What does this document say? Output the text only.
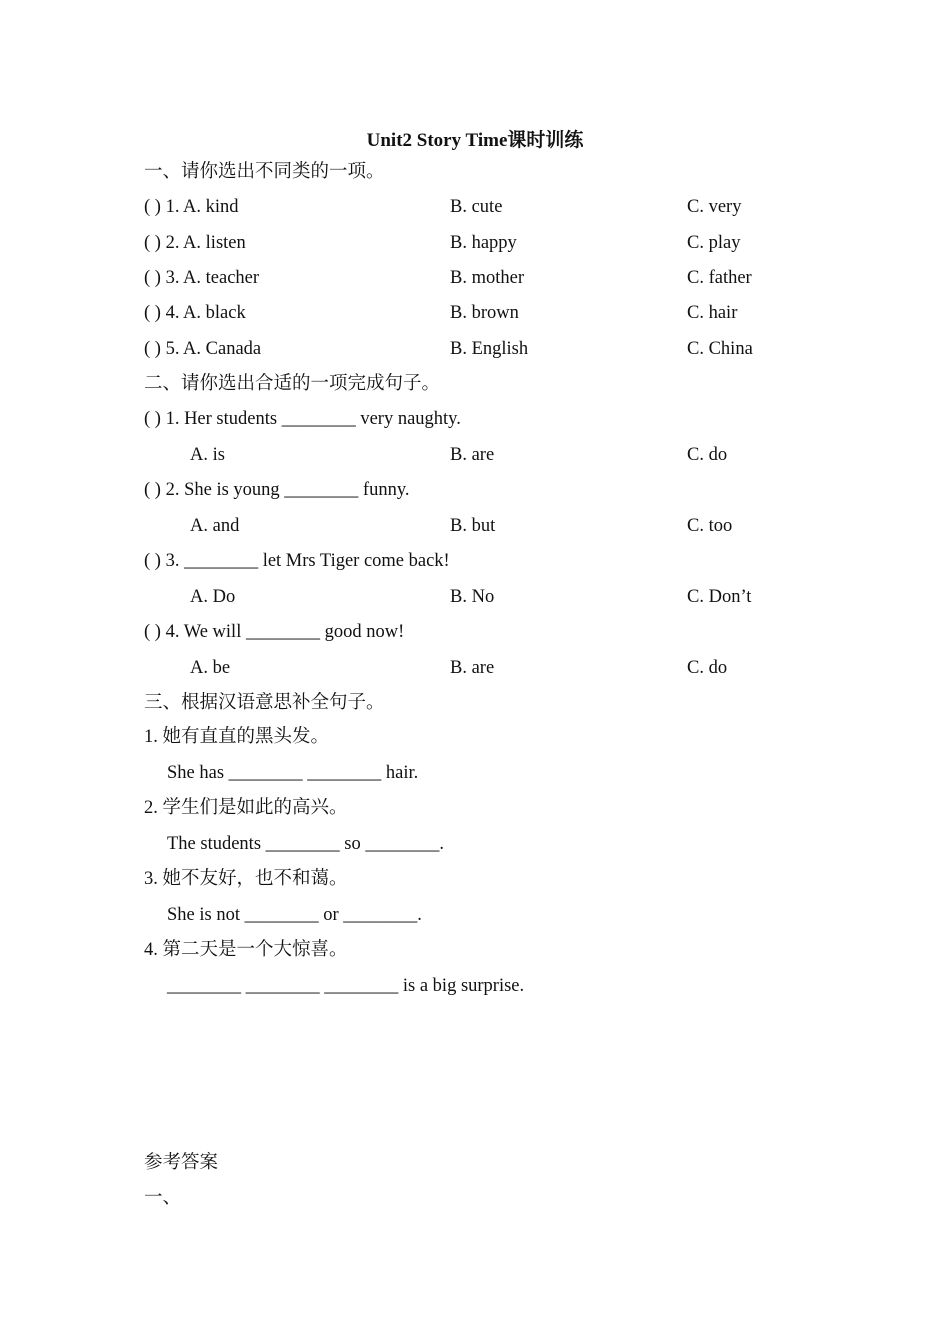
Unit2 Story Time课时训练
一、请你选出不同类的一项。
( ) 1. A. kind	B. cute	C. very
( ) 2. A. listen	B. happy	C. play
( ) 3. A. teacher	B. mother	C. father
( ) 4. A. black	B. brown	C. hair
( ) 5. A. Canada	B. English	C. China
二、请你选出合适的一项完成句子。
( ) 1. Her students ________ very naughty.
A. is	B. are	C. do
( ) 2. She is young ________ funny.
A. and	B. but	C. too
( ) 3. ________ let Mrs Tiger come back!
A. Do	B. No	C. Don’t
( ) 4. We will ________ good now!
A. be	B. are	C. do
三、根据汉语意思补全句子。
1. 她有直直的黑头发。
She has ________ ________ hair.
2. 学生们是如此的高兴。
The students ________ so ________.
3. 她不友好，也不和蔼。
She is not ________ or ________.
4. 第二天是一个大惊喜。
________ ________ ________ is a big surprise.
参考答案
一、
